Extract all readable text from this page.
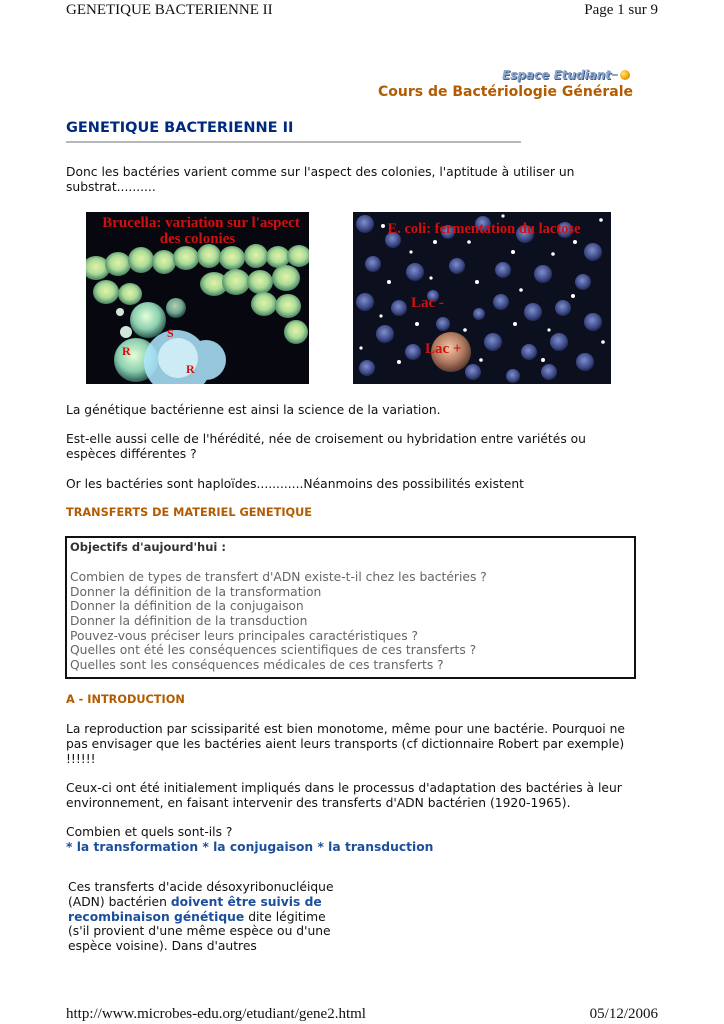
GENETIQUE BACTERIENNE II	Page 1 sur 9
Espace Etudiant
Cours de Bactériologie Générale
GENETIQUE BACTERIENNE II
Donc les bactéries varient comme sur l'aspect des colonies, l'aptitude à utiliser un substrat..........
Brucella: variation sur l'aspect
des colonies
S
R
R
E. coli: fermentation du lactose
Lac -
Lac +
La génétique bactérienne est ainsi la science de la variation.
Est-elle aussi celle de l'hérédité, née de croisement ou hybridation entre variétés ou espèces différentes ?
Or les bactéries sont haploïdes............Néanmoins des possibilités existent
TRANSFERTS DE MATERIEL GENETIQUE
Objectifs d'aujourd'hui :
Combien de types de transfert d'ADN existe-t-il chez les bactéries ?
Donner la définition de la transformation
Donner la définition de la conjugaison
Donner la définition de la transduction
Pouvez-vous préciser leurs principales caractéristiques ?
Quelles ont été les conséquences scientifiques de ces transferts ?
Quelles sont les conséquences médicales de ces transferts ?
A - INTRODUCTION
La reproduction par scissiparité est bien monotome, même pour une bactérie. Pourquoi ne pas envisager que les bactéries aient leurs transports (cf dictionnaire Robert par exemple) !!!!!!
Ceux-ci ont été initialement impliqués dans le processus d'adaptation des bactéries à leur environnement, en faisant intervenir des transferts d'ADN bactérien (1920-1965).
Combien et quels sont-ils ?
* la transformation * la conjugaison * la transduction
Ces transferts d'acide désoxyribonucléique (ADN) bactérien doivent être suivis de recombinaison génétique dite légitime (s'il provient d'une même espèce ou d'une espèce voisine). Dans d'autres
http://www.microbes-edu.org/etudiant/gene2.html	05/12/2006
